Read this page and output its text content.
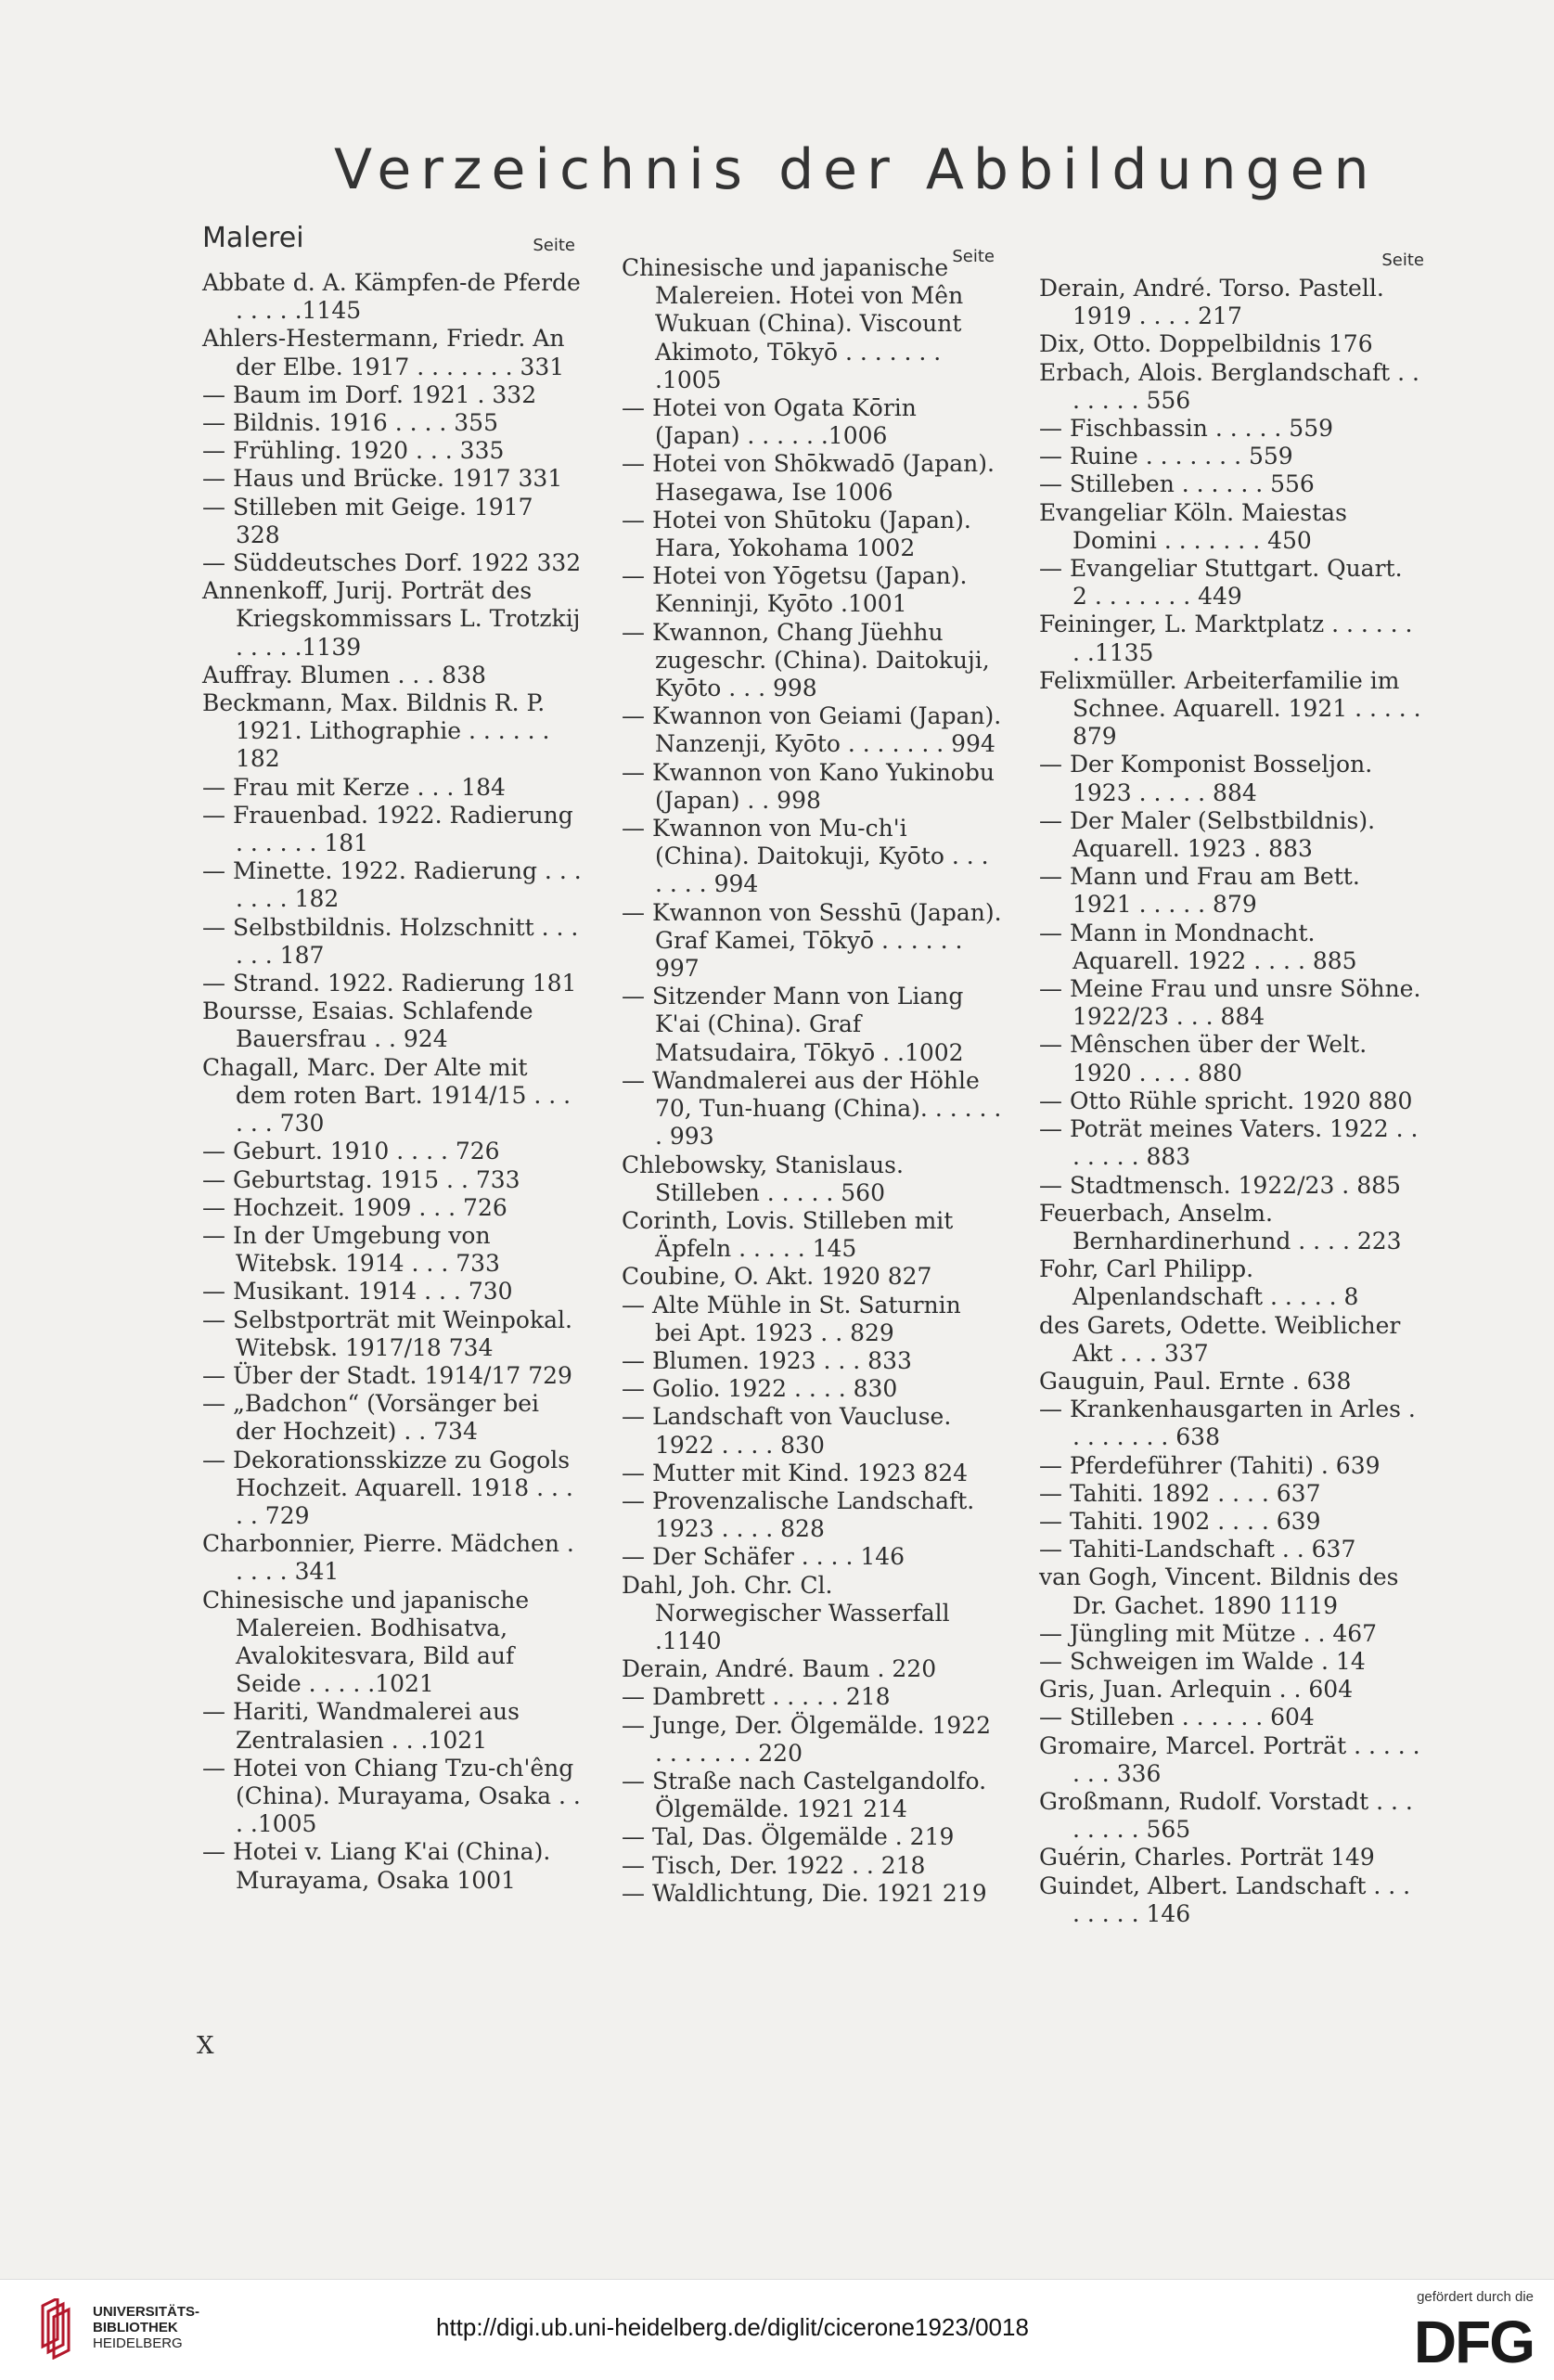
Verzeichnis der Abbildungen
Malerei	Seite

Abbate d. A. Kämpfen-de Pferde . . . . .1145

Ahlers-Hestermann, Friedr. An der Elbe. 1917 . . . . . . . 331

— Baum im Dorf. 1921 . 332

— Bildnis. 1916 . . . . 355

— Frühling. 1920 . . . 335

— Haus und Brücke. 1917 331

— Stilleben mit Geige. 1917 328

— Süddeutsches Dorf. 1922 332

Annenkoff, Jurij. Porträt des Kriegskommissars L. Trotzkij . . . . .1139

Auffray. Blumen . . . 838

Beckmann, Max. Bildnis R. P. 1921. Lithographie . . . . . . 182

— Frau mit Kerze . . . 184

— Frauenbad. 1922. Radierung . . . . . . 181

— Minette. 1922. Radierung . . . . . . . 182

— Selbstbildnis. Holzschnitt . . . . . . 187

— Strand. 1922. Radierung 181

Boursse, Esaias. Schlafende Bauersfrau . . 924

Chagall, Marc. Der Alte mit dem roten Bart. 1914/15 . . . . . . 730

— Geburt. 1910 . . . . 726

— Geburtstag. 1915 . . 733

— Hochzeit. 1909 . . . 726

— In der Umgebung von Witebsk. 1914 . . . 733

— Musikant. 1914 . . . 730

— Selbstporträt mit Weinpokal. Witebsk. 1917/18 734

— Über der Stadt. 1914/17 729

— „Badchon“ (Vorsänger bei der Hochzeit) . . 734

— Dekorationsskizze zu Gogols Hochzeit. Aquarell. 1918 . . . . . 729

Charbonnier, Pierre. Mädchen . . . . . 341

Chinesische und japanische Malereien. Bodhisatva, Avalokitesvara, Bild auf Seide . . . . .1021

— Hariti, Wandmalerei aus Zentralasien . . .1021

— Hotei von Chiang Tzu-ch'êng (China). Murayama, Osaka . . . .1005

— Hotei v. Liang K'ai (China). Murayama, Osaka 1001

Seite

Chinesische und japanische Malereien. Hotei von Mên Wukuan (China). Viscount Akimoto, Tōkyō . . . . . . . .1005

— Hotei von Ogata Kōrin (Japan) . . . . . .1006

— Hotei von Shōkwadō (Japan). Hasegawa, Ise 1006

— Hotei von Shūtoku (Japan). Hara, Yokohama 1002

— Hotei von Yōgetsu (Japan). Kenninji, Kyōto .1001

— Kwannon, Chang Jüehhu zugeschr. (China). Daitokuji, Kyōto . . . 998

— Kwannon von Geiami (Japan). Nanzenji, Kyōto . . . . . . . 994

— Kwannon von Kano Yukinobu (Japan) . . 998

— Kwannon von Mu-ch'i (China). Daitokuji, Kyōto . . . . . . . 994

— Kwannon von Sesshū (Japan). Graf Kamei, Tōkyō . . . . . . 997

— Sitzender Mann von Liang K'ai (China). Graf Matsudaira, Tōkyō . .1002

— Wandmalerei aus der Höhle 70, Tun-huang (China). . . . . . . 993

Chlebowsky, Stanislaus. Stilleben . . . . . 560

Corinth, Lovis. Stilleben mit Äpfeln . . . . . 145

Coubine, O. Akt. 1920 827

— Alte Mühle in St. Saturnin bei Apt. 1923 . . 829

— Blumen. 1923 . . . 833

— Golio. 1922 . . . . 830

— Landschaft von Vaucluse. 1922 . . . . 830

— Mutter mit Kind. 1923 824

— Provenzalische Landschaft. 1923 . . . . 828

— Der Schäfer . . . . 146

Dahl, Joh. Chr. Cl. Norwegischer Wasserfall .1140

Derain, André. Baum . 220

— Dambrett . . . . . 218

— Junge, Der. Ölgemälde. 1922 . . . . . . . 220

— Straße nach Castelgandolfo. Ölgemälde. 1921 214

— Tal, Das. Ölgemälde . 219

— Tisch, Der. 1922 . . 218

— Waldlichtung, Die. 1921 219

Seite

Derain, André. Torso. Pastell. 1919 . . . . 217

Dix, Otto. Doppelbildnis 176

Erbach, Alois. Berglandschaft . . . . . . . 556

— Fischbassin . . . . . 559

— Ruine . . . . . . . 559

— Stilleben . . . . . . 556

Evangeliar Köln. Maiestas Domini . . . . . . . 450

— Evangeliar Stuttgart. Quart. 2 . . . . . . . 449

Feininger, L. Marktplatz . . . . . . . .1135

Felixmüller. Arbeiterfamilie im Schnee. Aquarell. 1921 . . . . . 879

— Der Komponist Bosseljon. 1923 . . . . . 884

— Der Maler (Selbstbildnis). Aquarell. 1923 . 883

— Mann und Frau am Bett. 1921 . . . . . 879

— Mann in Mondnacht. Aquarell. 1922 . . . . 885

— Meine Frau und unsre Söhne. 1922/23 . . . 884

— Mênschen über der Welt. 1920 . . . . 880

— Otto Rühle spricht. 1920 880

— Poträt meines Vaters. 1922 . . . . . . . 883

— Stadtmensch. 1922/23 . 885

Feuerbach, Anselm. Bernhardinerhund . . . . 223

Fohr, Carl Philipp. Alpenlandschaft . . . . . 8

des Garets, Odette. Weiblicher Akt . . . 337

Gauguin, Paul. Ernte . 638

— Krankenhausgarten in Arles . . . . . . . . 638

— Pferdeführer (Tahiti) . 639

— Tahiti. 1892 . . . . 637

— Tahiti. 1902 . . . . 639

— Tahiti-Landschaft . . 637

van Gogh, Vincent. Bildnis des Dr. Gachet. 1890 1119

— Jüngling mit Mütze . . 467

— Schweigen im Walde . 14

Gris, Juan. Arlequin . . 604

— Stilleben . . . . . . 604

Gromaire, Marcel. Porträt . . . . . . . . 336

Großmann, Rudolf. Vorstadt . . . . . . . . 565

Guérin, Charles. Porträt 149

Guindet, Albert. Landschaft . . . . . . . . 146

X
UNIVERSITÄTS-
BIBLIOTHEK
HEIDELBERG
http://digi.ub.uni-heidelberg.de/diglit/cicerone1923/0018
gefördert durch die
DFG
